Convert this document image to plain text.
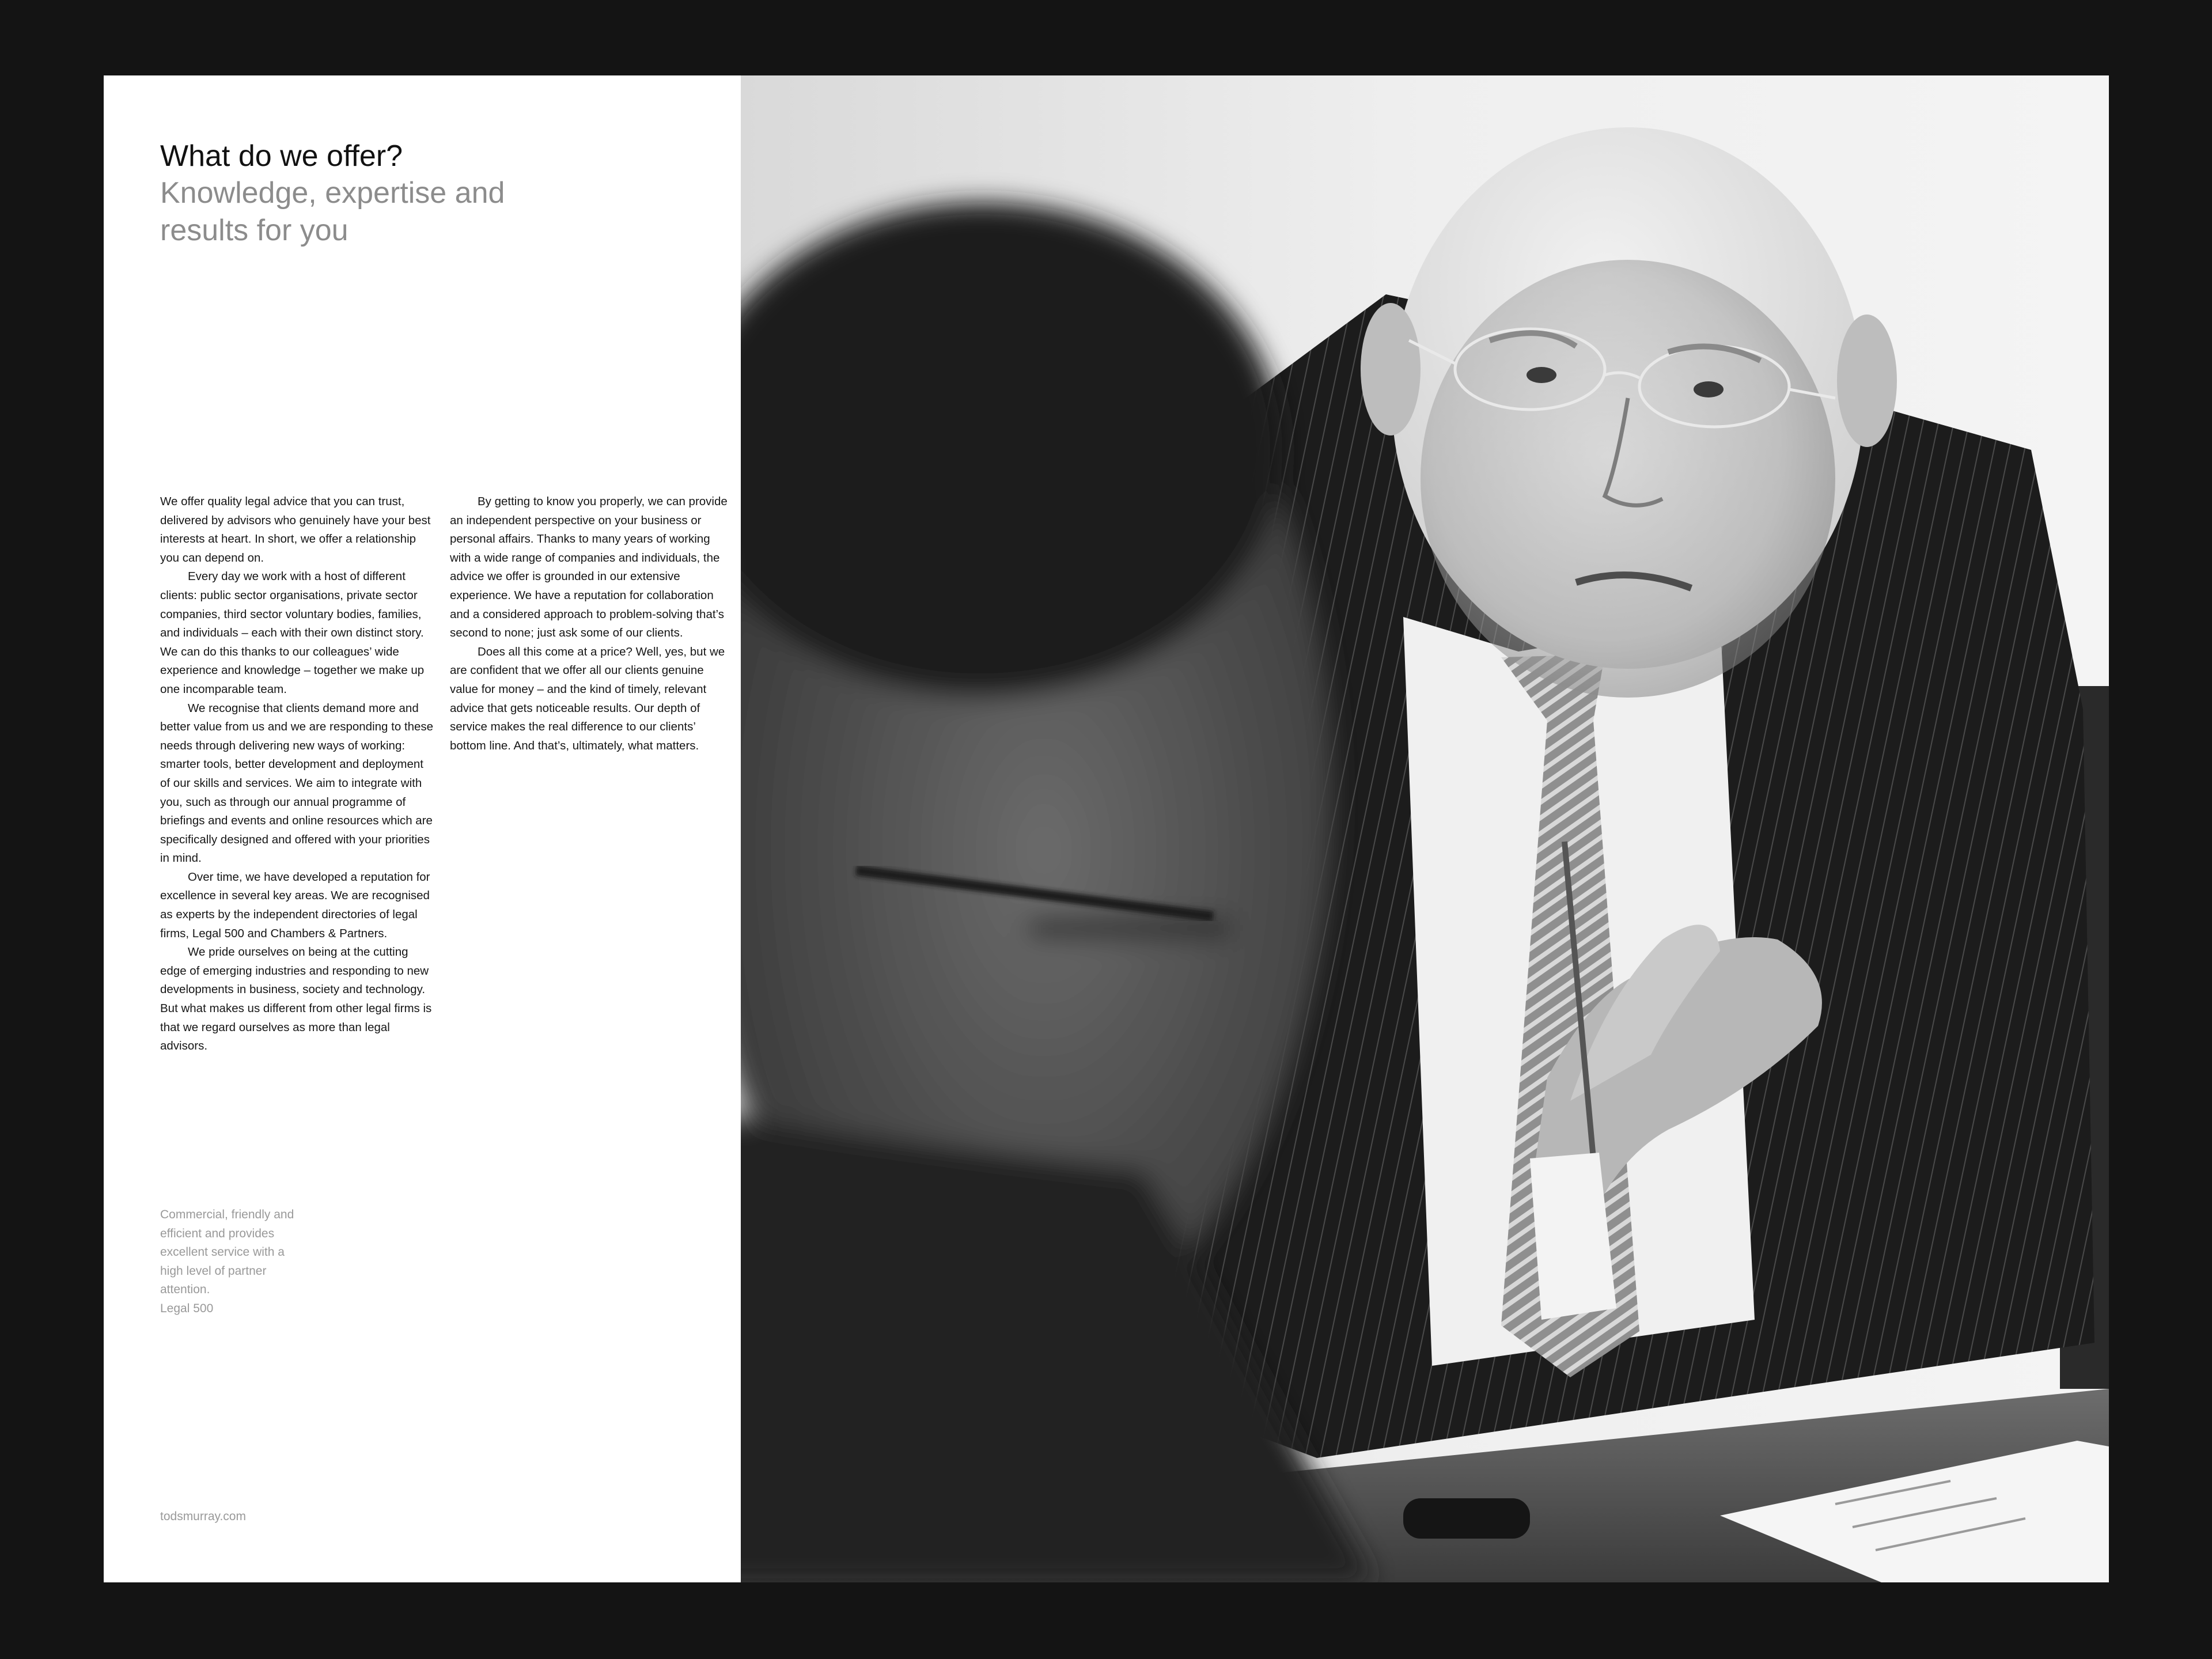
What do we offer?
Knowledge, expertise and results for you

We offer quality legal advice that you can trust, delivered by advisors who genuinely have your best interests at heart. In short, we offer a relationship you can depend on.

Every day we work with a host of different clients: public sector organisations, private sector companies, third sector voluntary bodies, families, and individuals – each with their own distinct story. We can do this thanks to our colleagues’ wide experience and knowledge – together we make up one incomparable team.

We recognise that clients demand more and better value from us and we are responding to these needs through delivering new ways of working: smarter tools, better development and deployment of our skills and services. We aim to integrate with you, such as through our annual programme of briefings and events and online resources which are specifically designed and offered with your priorities in mind.

Over time, we have developed a reputation for excellence in several key areas. We are recognised as experts by the independent directories of legal firms, Legal 500 and Chambers & Partners.

We pride ourselves on being at the cutting edge of emerging industries and responding to new developments in business, society and technology. But what makes us different from other legal firms is that we regard ourselves as more than legal advisors.

By getting to know you properly, we can provide an independent perspective on your business or personal affairs. Thanks to many years of working with a wide range of companies and individuals, the advice we offer is grounded in our extensive experience. We have a reputation for collaboration and a considered approach to problem-solving that’s second to none; just ask some of our clients.

Does all this come at a price? Well, yes, but we are confident that we offer all our clients genuine value for money – and the kind of timely, relevant advice that gets noticeable results. Our depth of service makes the real difference to our clients’ bottom line. And that’s, ultimately, what matters.

Commercial, friendly and efficient and provides excellent service with a high level of partner attention.
Legal 500
todsmurray.com
